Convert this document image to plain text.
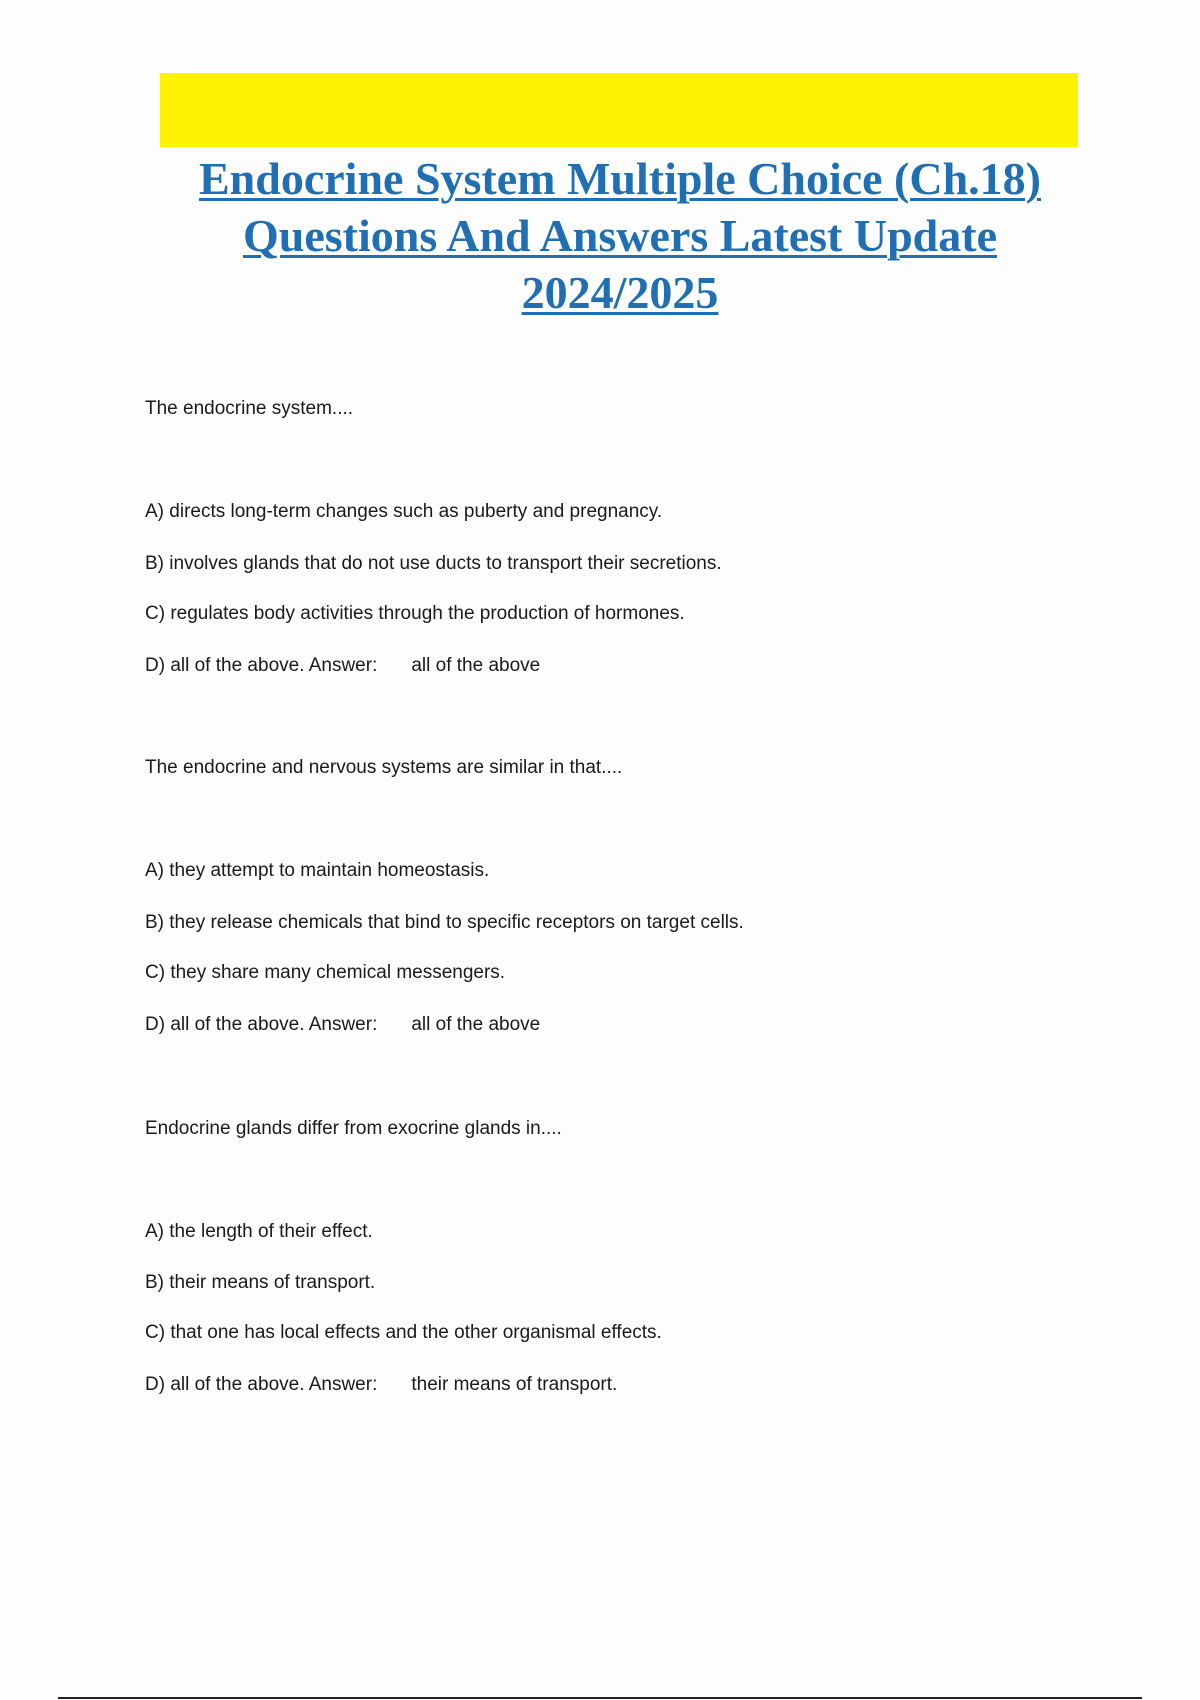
Endocrine System Multiple Choice (Ch.18)
Questions And Answers Latest Update
2024/2025

The endocrine system....

A) directs long-term changes such as puberty and pregnancy.

B) involves glands that do not use ducts to transport their secretions.

C) regulates body activities through the production of hormones.

D) all of the above. Answer: all of the above

The endocrine and nervous systems are similar in that....

A) they attempt to maintain homeostasis.

B) they release chemicals that bind to specific receptors on target cells.

C) they share many chemical messengers.

D) all of the above. Answer: all of the above

Endocrine glands differ from exocrine glands in....

A) the length of their effect.

B) their means of transport.

C) that one has local effects and the other organismal effects.

D) all of the above. Answer: their means of transport.
